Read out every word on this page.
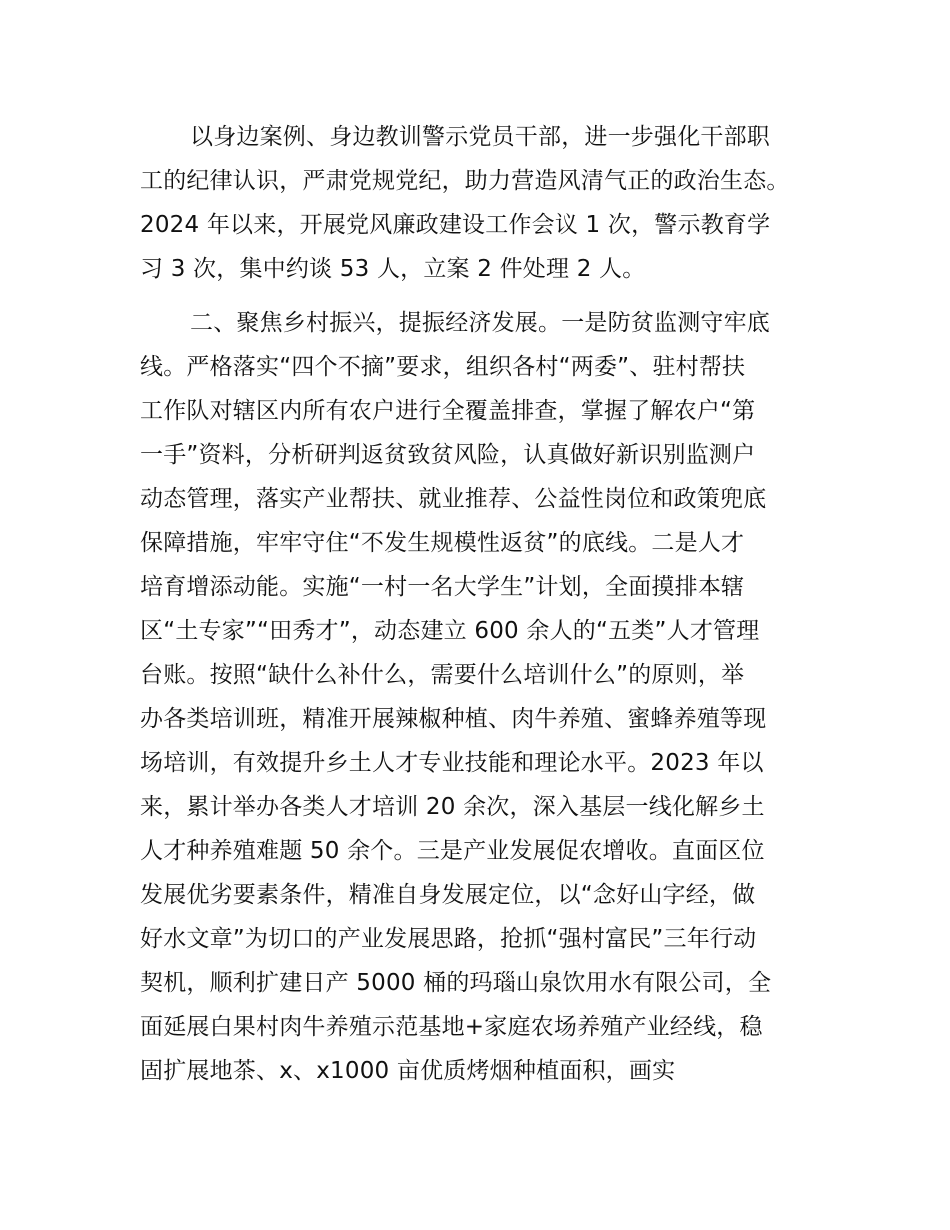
以身边案例、身边教训警示党员干部，进一步强化干部职
工的纪律认识，严肃党规党纪，助力营造风清气正的政治生态。
2024 年以来，开展党风廉政建设工作会议 1 次，警示教育学
习 3 次，集中约谈 53 人，立案 2 件处理 2 人。
二、聚焦乡村振兴，提振经济发展。一是防贫监测守牢底
线。严格落实“四个不摘”要求，组织各村“两委”、驻村帮扶
工作队对辖区内所有农户进行全覆盖排查，掌握了解农户“第
一手”资料，分析研判返贫致贫风险，认真做好新识别监测户
动态管理，落实产业帮扶、就业推荐、公益性岗位和政策兜底
保障措施，牢牢守住“不发生规模性返贫”的底线。二是人才
培育增添动能。实施“一村一名大学生”计划，全面摸排本辖
区“土专家”“田秀才”，动态建立 600 余人的“五类”人才管理
台账。按照“缺什么补什么，需要什么培训什么”的原则，举
办各类培训班，精准开展辣椒种植、肉牛养殖、蜜蜂养殖等现
场培训，有效提升乡土人才专业技能和理论水平。2023 年以
来，累计举办各类人才培训 20 余次，深入基层一线化解乡土
人才种养殖难题 50 余个。三是产业发展促农增收。直面区位
发展优劣要素条件，精准自身发展定位，以“念好山字经，做
好水文章”为切口的产业发展思路，抢抓“强村富民”三年行动
契机，顺利扩建日产 5000 桶的玛瑙山泉饮用水有限公司，全
面延展白果村肉牛养殖示范基地+家庭农场养殖产业经线，稳
固扩展地茶、x、x1000 亩优质烤烟种植面积，画实
